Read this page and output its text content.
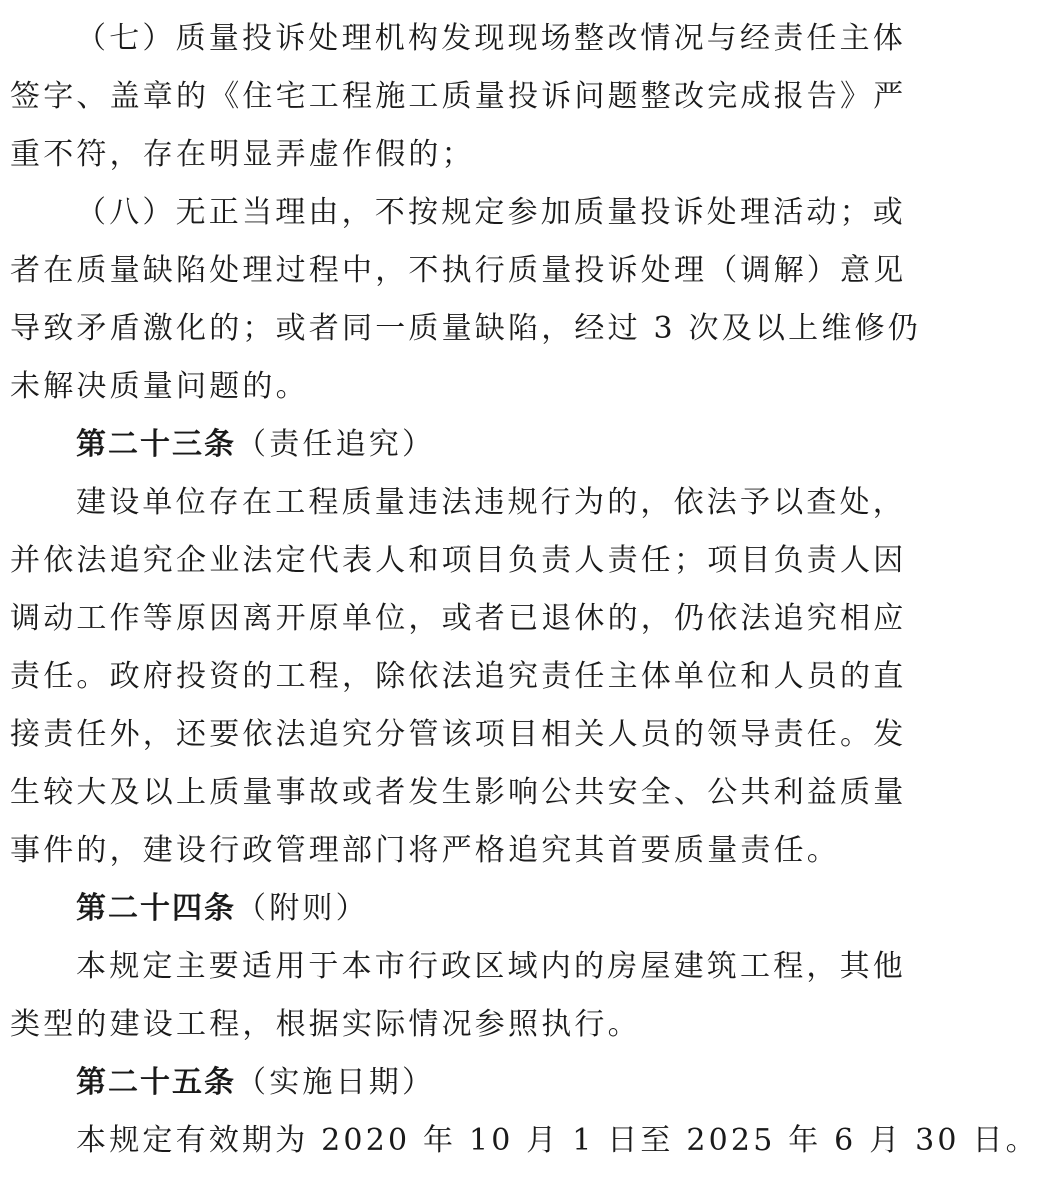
（七）质量投诉处理机构发现现场整改情况与经责任主体
签字、盖章的《住宅工程施工质量投诉问题整改完成报告》严
重不符，存在明显弄虚作假的；
（八）无正当理由，不按规定参加质量投诉处理活动；或
者在质量缺陷处理过程中，不执行质量投诉处理（调解）意见
导致矛盾激化的；或者同一质量缺陷，经过 3 次及以上维修仍
未解决质量问题的。
第二十三条（责任追究）
建设单位存在工程质量违法违规行为的，依法予以查处，
并依法追究企业法定代表人和项目负责人责任；项目负责人因
调动工作等原因离开原单位，或者已退休的，仍依法追究相应
责任。政府投资的工程，除依法追究责任主体单位和人员的直
接责任外，还要依法追究分管该项目相关人员的领导责任。发
生较大及以上质量事故或者发生影响公共安全、公共利益质量
事件的，建设行政管理部门将严格追究其首要质量责任。
第二十四条（附则）
本规定主要适用于本市行政区域内的房屋建筑工程，其他
类型的建设工程，根据实际情况参照执行。
第二十五条（实施日期）
本规定有效期为 2020 年 10 月 1 日至 2025 年 6 月 30 日。
